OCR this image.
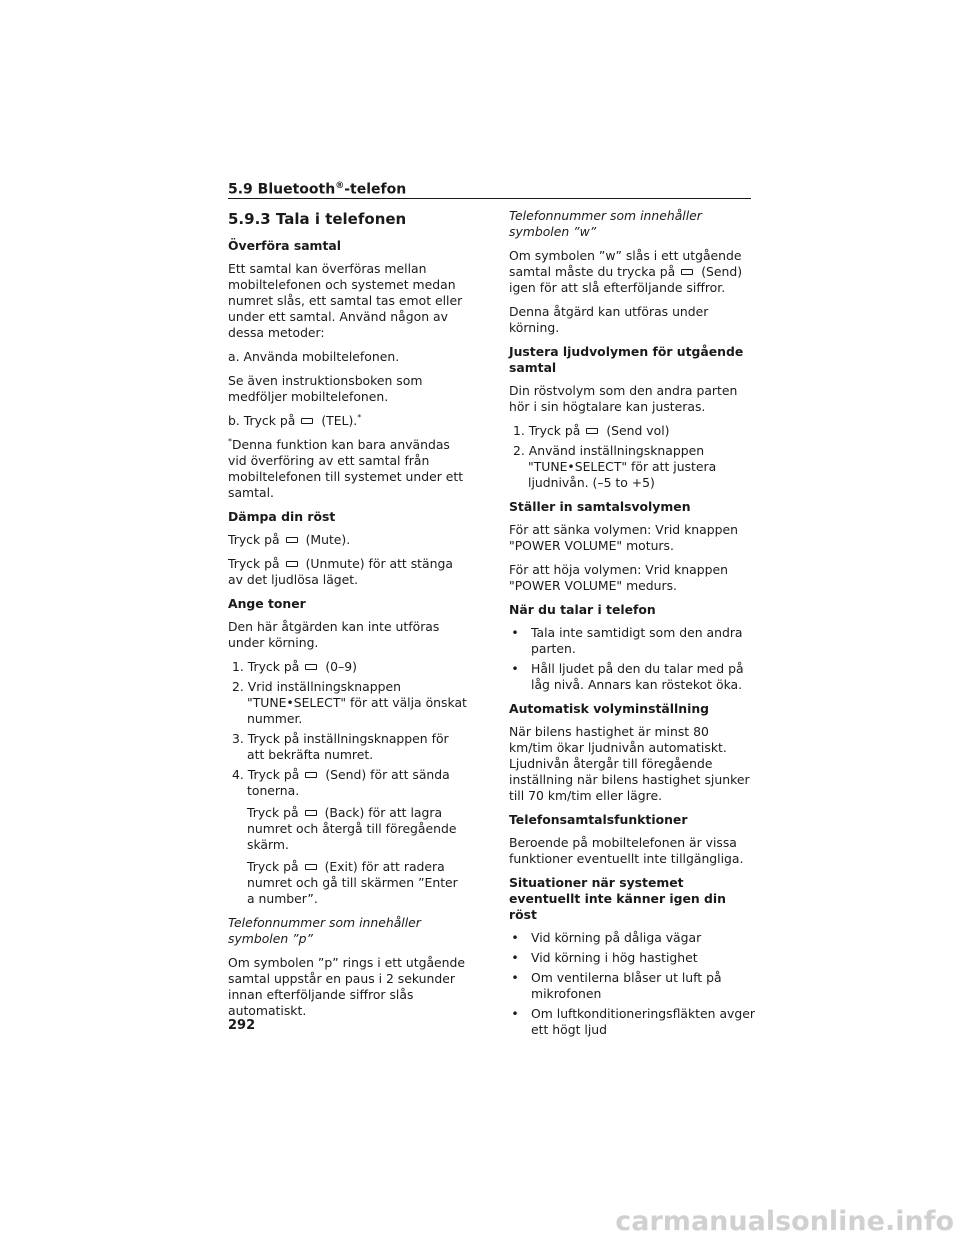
5.9 Bluetooth®-telefon
5.9.3 Tala i telefonen
Överföra samtal
Ett samtal kan överföras mellan mobiltelefonen och systemet medan numret slås, ett samtal tas emot eller under ett samtal. Använd någon av dessa metoder:
a. Använda mobiltelefonen.
Se även instruktionsboken som medföljer mobiltelefonen.
b. Tryck på (TEL).*
*Denna funktion kan bara användas vid överföring av ett samtal från mobiltelefonen till systemet under ett samtal.
Dämpa din röst
Tryck på (Mute).
Tryck på (Unmute) för att stänga av det ljudlösa läget.
Ange toner
Den här åtgärden kan inte utföras under körning.
1. Tryck på (0–9)
2. Vrid inställningsknappen "TUNE•SELECT" för att välja önskat nummer.
3. Tryck på inställningsknappen för att bekräfta numret.
4. Tryck på (Send) för att sända tonerna.
Tryck på (Back) för att lagra numret och återgå till föregående skärm.
Tryck på (Exit) för att radera numret och gå till skärmen ”Enter a number”.
Telefonnummer som innehåller symbolen ”p”
Om symbolen ”p” rings i ett utgående samtal uppstår en paus i 2 sekunder innan efterföljande siffror slås automatiskt.
Telefonnummer som innehåller symbolen ”w”
Om symbolen ”w” slås i ett utgående samtal måste du trycka på (Send) igen för att slå efterföljande siffror.
Denna åtgärd kan utföras under körning.
Justera ljudvolymen för utgående samtal
Din röstvolym som den andra parten hör i sin högtalare kan justeras.
1. Tryck på (Send vol)
2. Använd inställningsknappen "TUNE•SELECT" för att justera ljudnivån. (–5 to +5)
Ställer in samtalsvolymen
För att sänka volymen: Vrid knappen "POWER VOLUME" moturs.
För att höja volymen: Vrid knappen "POWER VOLUME" medurs.
När du talar i telefon
• Tala inte samtidigt som den andra parten.
• Håll ljudet på den du talar med på låg nivå. Annars kan röstekot öka.
Automatisk volyminställning
När bilens hastighet är minst 80 km/tim ökar ljudnivån automatiskt. Ljudnivån återgår till föregående inställning när bilens hastighet sjunker till 70 km/tim eller lägre.
Telefonsamtalsfunktioner
Beroende på mobiltelefonen är vissa funktioner eventuellt inte tillgängliga.
Situationer när systemet eventuellt inte känner igen din röst
• Vid körning på dåliga vägar
• Vid körning i hög hastighet
• Om ventilerna blåser ut luft på mikrofonen
• Om luftkonditioneringsfläkten avger ett högt ljud
292
carmanualsonline.info
